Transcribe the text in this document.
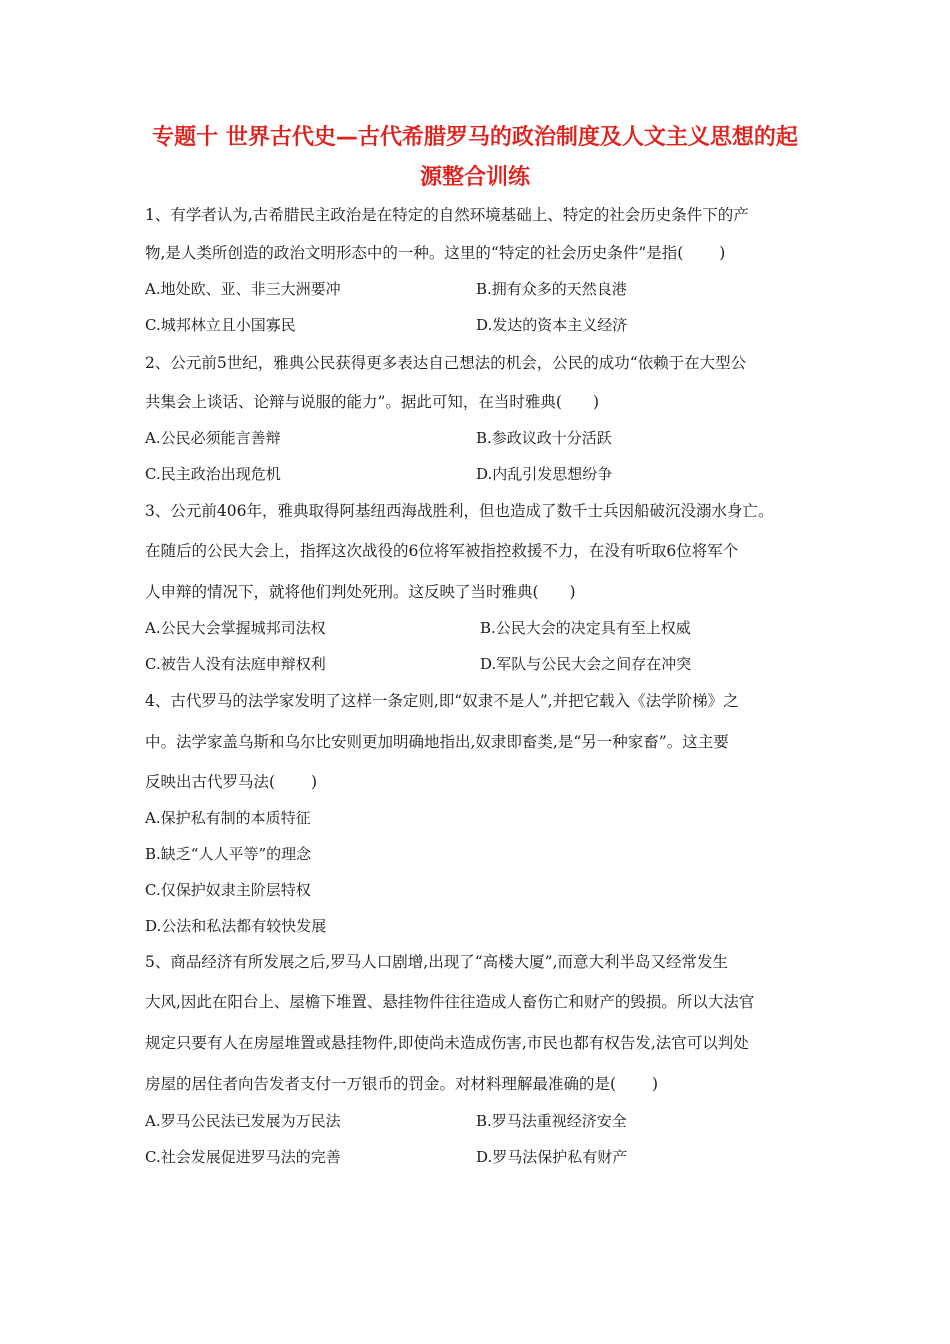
专题十 世界古代史—古代希腊罗马的政治制度及人文主义思想的起
源整合训练

1、有学者认为,古希腊民主政治是在特定的自然环境基础上、特定的社会历史条件下的产

物,是人类所创造的政治文明形态中的一种。这里的“特定的社会历史条件”是指(　　 )

A.地处欧、亚、非三大洲要冲	B.拥有众多的天然良港

C.城邦林立且小国寡民	D.发达的资本主义经济

2、公元前5世纪，雅典公民获得更多表达自己想法的机会，公民的成功“依赖于在大型公

共集会上谈话、论辩与说服的能力”。据此可知，在当时雅典(　　)

A.公民必须能言善辩	B.参政议政十分活跃

C.民主政治出现危机	D.内乱引发思想纷争

3、公元前406年，雅典取得阿基纽西海战胜利，但也造成了数千士兵因船破沉没溺水身亡。

在随后的公民大会上，指挥这次战役的6位将军被指控救援不力，在没有听取6位将军个

人申辩的情况下，就将他们判处死刑。这反映了当时雅典(　　)

A.公民大会掌握城邦司法权	B.公民大会的决定具有至上权威

C.被告人没有法庭申辩权利	D.军队与公民大会之间存在冲突

4、古代罗马的法学家发明了这样一条定则,即“奴隶不是人”,并把它载入《法学阶梯》之

中。法学家盖乌斯和乌尔比安则更加明确地指出,奴隶即畜类,是“另一种家畜”。这主要

反映出古代罗马法(　　 )

A.保护私有制的本质特征

B.缺乏“人人平等”的理念

C.仅保护奴隶主阶层特权

D.公法和私法都有较快发展

5、商品经济有所发展之后,罗马人口剧增,出现了“高楼大厦”,而意大利半岛又经常发生

大风,因此在阳台上、屋檐下堆置、悬挂物件往往造成人畜伤亡和财产的毁损。所以大法官

规定只要有人在房屋堆置或悬挂物件,即使尚未造成伤害,市民也都有权告发,法官可以判处

房屋的居住者向告发者支付一万银币的罚金。对材料理解最准确的是(　　 )

A.罗马公民法已发展为万民法	B.罗马法重视经济安全

C.社会发展促进罗马法的完善	D.罗马法保护私有财产
